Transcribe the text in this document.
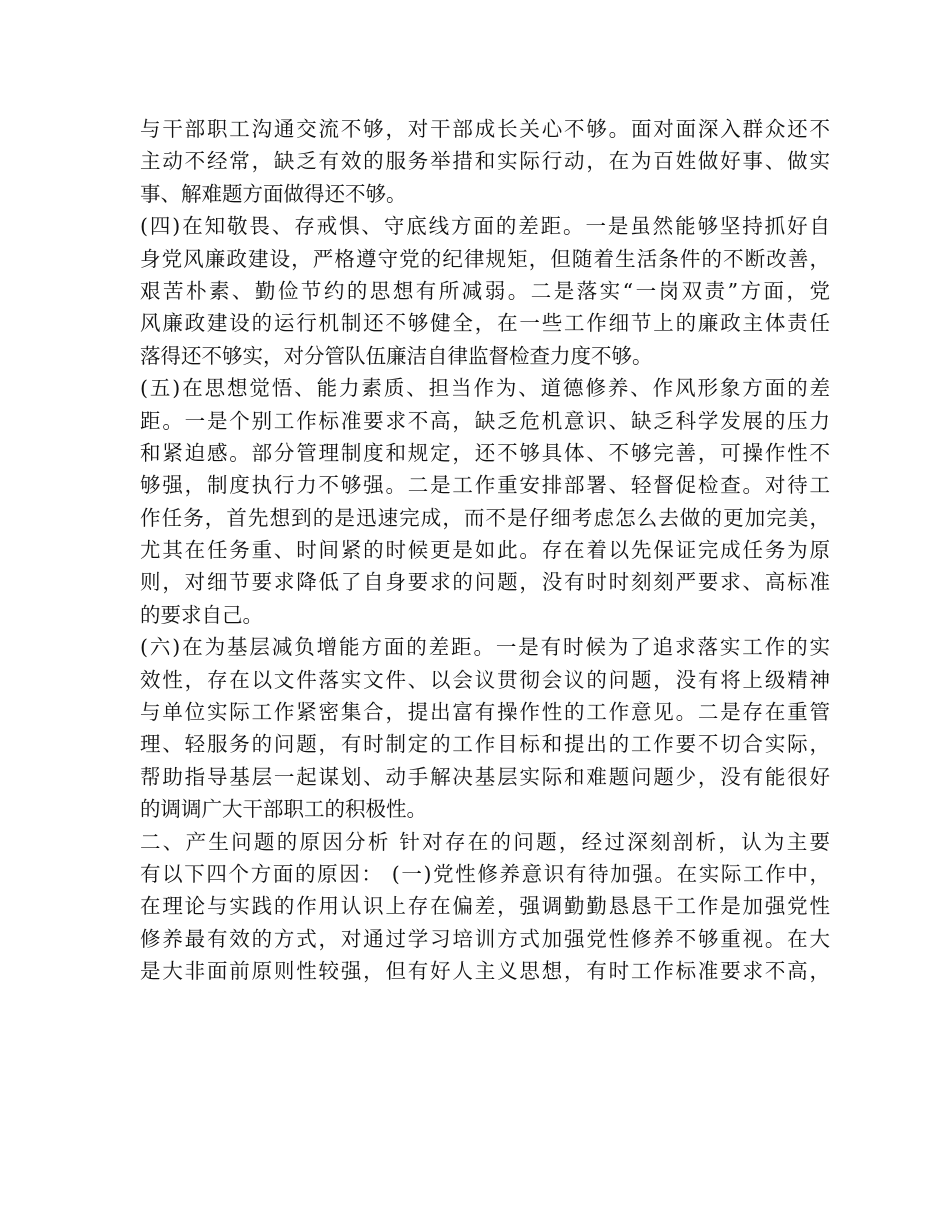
与干部职工沟通交流不够，对干部成长关心不够。面对面深入群众还不
主动不经常，缺乏有效的服务举措和实际行动，在为百姓做好事、做实
事、解难题方面做得还不够。
(四)在知敬畏、存戒惧、守底线方面的差距。一是虽然能够坚持抓好自
身党风廉政建设，严格遵守党的纪律规矩，但随着生活条件的不断改善，
艰苦朴素、勤俭节约的思想有所减弱。二是落实“一岗双责”方面，党
风廉政建设的运行机制还不够健全，在一些工作细节上的廉政主体责任
落得还不够实，对分管队伍廉洁自律监督检查力度不够。
(五)在思想觉悟、能力素质、担当作为、道德修养、作风形象方面的差
距。一是个别工作标准要求不高，缺乏危机意识、缺乏科学发展的压力
和紧迫感。部分管理制度和规定，还不够具体、不够完善，可操作性不
够强，制度执行力不够强。二是工作重安排部署、轻督促检查。对待工
作任务，首先想到的是迅速完成，而不是仔细考虑怎么去做的更加完美，
尤其在任务重、时间紧的时候更是如此。存在着以先保证完成任务为原
则，对细节要求降低了自身要求的问题，没有时时刻刻严要求、高标准
的要求自己。
(六)在为基层减负增能方面的差距。一是有时候为了追求落实工作的实
效性，存在以文件落实文件、以会议贯彻会议的问题，没有将上级精神
与单位实际工作紧密集合，提出富有操作性的工作意见。二是存在重管
理、轻服务的问题，有时制定的工作目标和提出的工作要不切合实际，
帮助指导基层一起谋划、动手解决基层实际和难题问题少，没有能很好
的调调广大干部职工的积极性。
二、产生问题的原因分析 针对存在的问题，经过深刻剖析，认为主要
有以下四个方面的原因： (一)党性修养意识有待加强。在实际工作中，
在理论与实践的作用认识上存在偏差，强调勤勤恳恳干工作是加强党性
修养最有效的方式，对通过学习培训方式加强党性修养不够重视。在大
是大非面前原则性较强，但有好人主义思想，有时工作标准要求不高，
